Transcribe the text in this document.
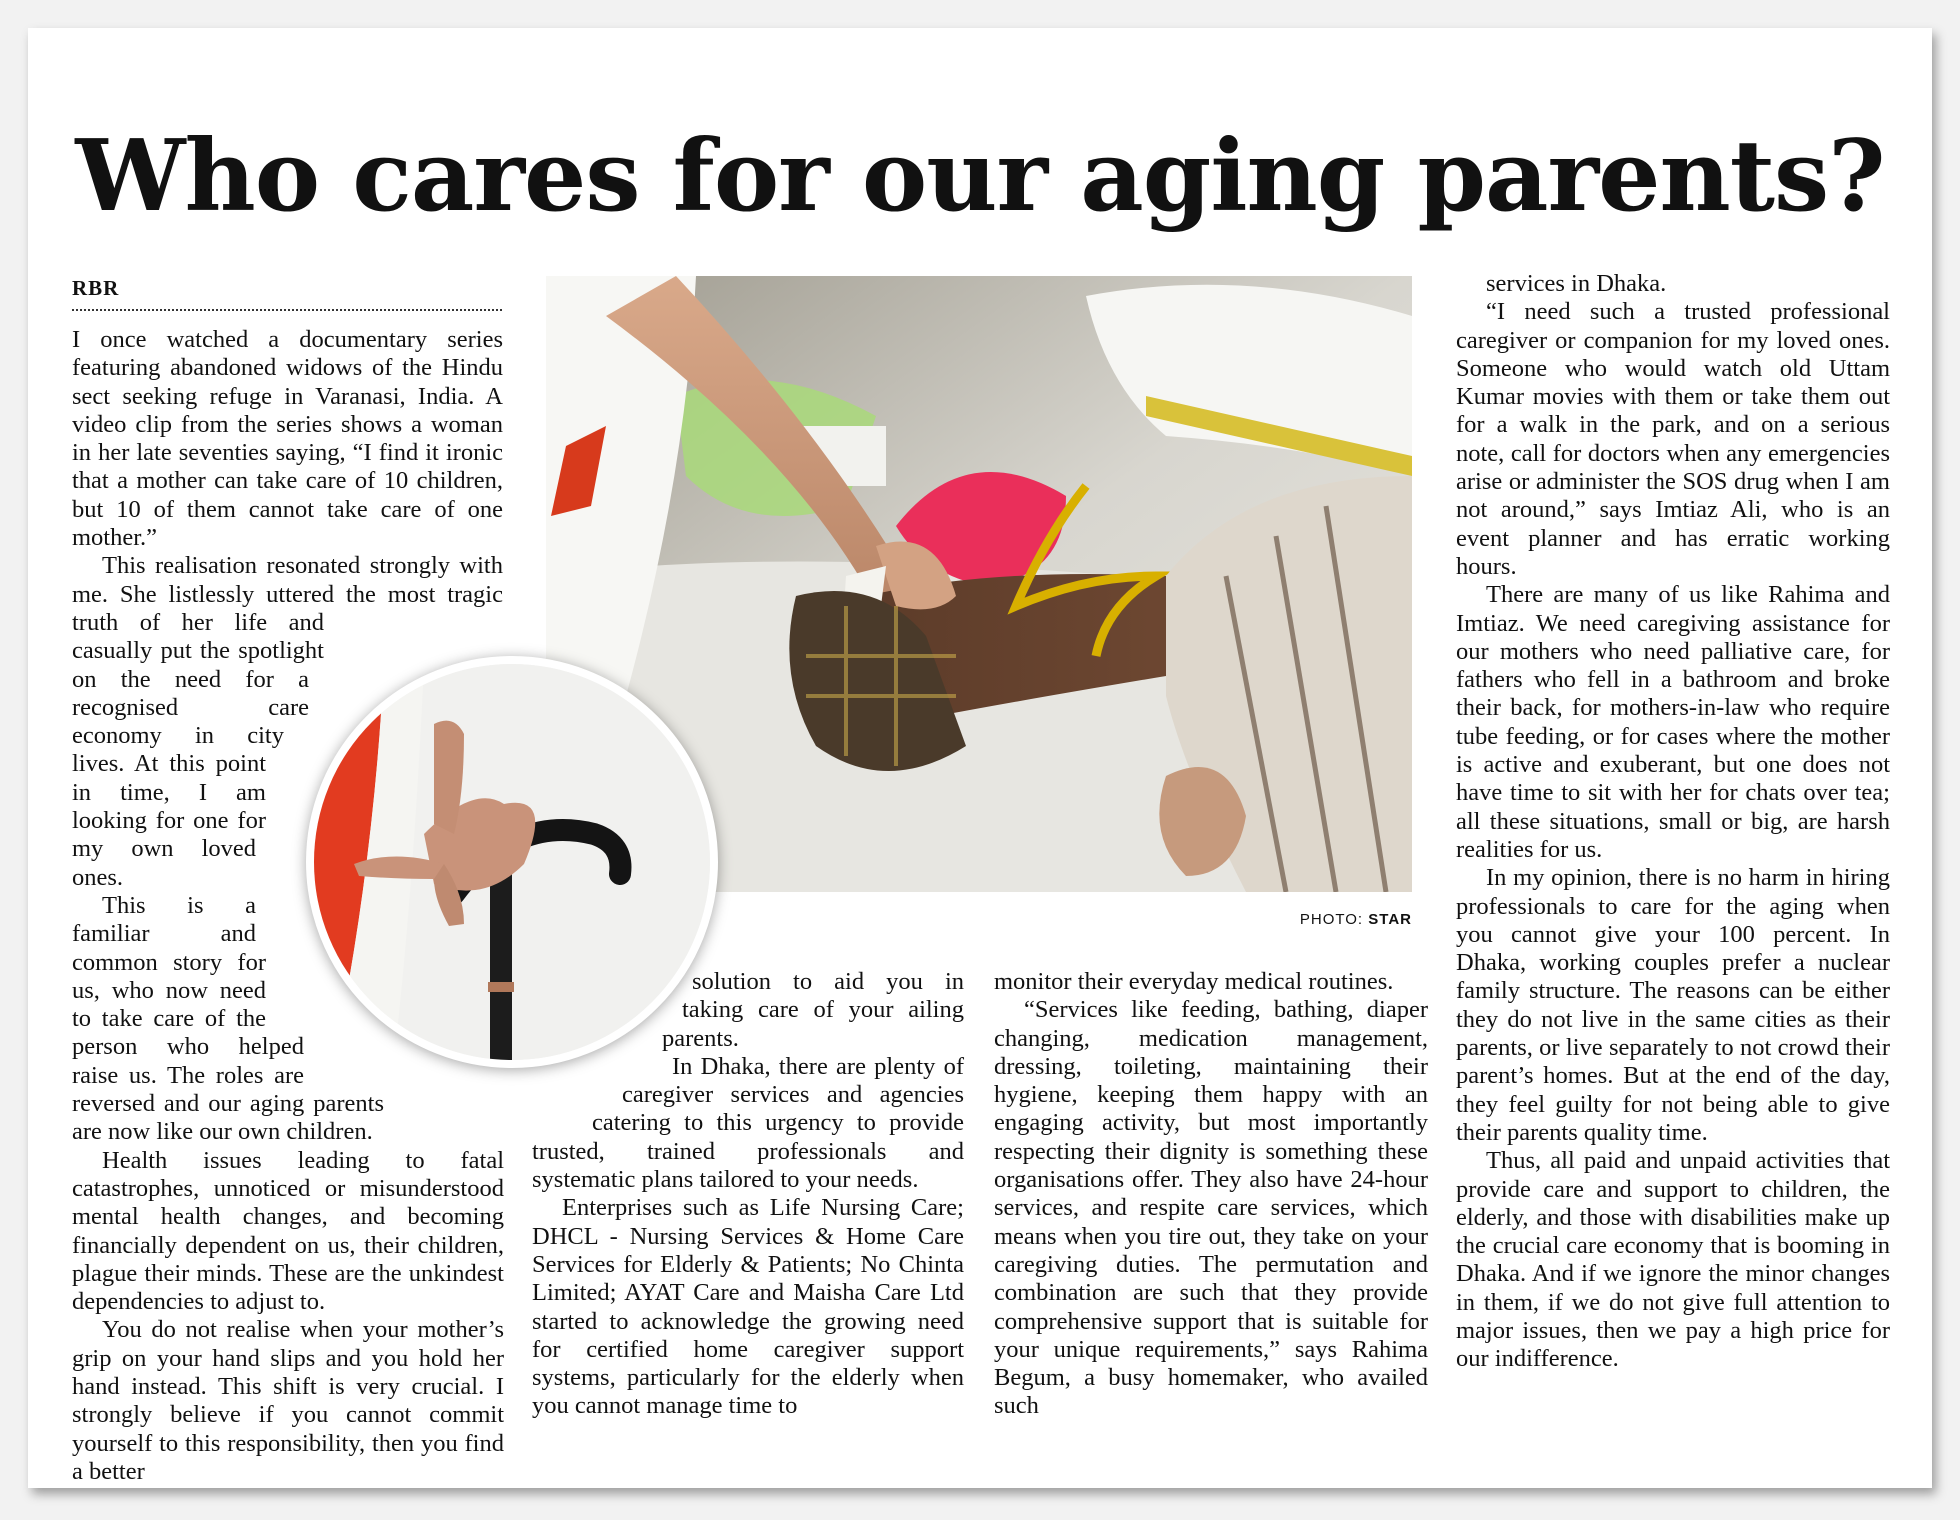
Who cares for our aging parents?
RBR
PHOTO: STAR

I once watched a documentary series featuring abandoned widows of the Hindu sect seeking refuge in Varanasi, India. A video clip from the series shows a woman in her late seventies saying, “I find it ironic that a mother can take care of 10 children, but 10 of them cannot take care of one mother.”

This realisation resonated strongly with me. She listlessly uttered the most tragic truth of her life and casually put the spotlight on the need for a recognised care economy in city lives. At this point in time, I am looking for one for my own loved ones.

This is a familiar and common story for us, who now need to take care of the person who helped raise us. The roles are reversed and our aging parents are now like our own children.

Health issues leading to fatal catastrophes, unnoticed or misunderstood mental health changes, and becoming financially dependent on us, their children, plague their minds. These are the unkindest dependencies to adjust to.

You do not realise when your mother’s grip on your hand slips and you hold her hand instead. This shift is very crucial. I strongly believe if you cannot commit yourself to this responsibility, then you find a better

solution to aid you in taking care of your ailing parents.

In Dhaka, there are plenty of caregiver services and agencies catering to this urgency to provide trusted, trained professionals and systematic plans tailored to your needs.

Enterprises such as Life Nursing Care; DHCL - Nursing Services & Home Care Services for Elderly & Patients; No Chinta Limited; AYAT Care and Maisha Care Ltd started to acknowledge the growing need for certified home caregiver support systems, particularly for the elderly when you cannot manage time to

monitor their everyday medical routines.

“Services like feeding, bathing, diaper changing, medication management, dressing, toileting, maintaining their hygiene, keeping them happy with an engaging activity, but most importantly respecting their dignity is something these organisations offer. They also have 24-hour services, and respite care services, which means when you tire out, they take on your caregiving duties. The permutation and combination are such that they provide comprehensive support that is suitable for your unique requirements,” says Rahima Begum, a busy homemaker, who availed such

services in Dhaka.

“I need such a trusted professional caregiver or companion for my loved ones. Someone who would watch old Uttam Kumar movies with them or take them out for a walk in the park, and on a serious note, call for doctors when any emergencies arise or administer the SOS drug when I am not around,” says Imtiaz Ali, who is an event planner and has erratic working hours.

There are many of us like Rahima and Imtiaz. We need caregiving assistance for our mothers who need palliative care, for fathers who fell in a bathroom and broke their back, for mothers-in-law who require tube feeding, or for cases where the mother is active and exuberant, but one does not have time to sit with her for chats over tea; all these situations, small or big, are harsh realities for us.

In my opinion, there is no harm in hiring professionals to care for the aging when you cannot give your 100 percent. In Dhaka, working couples prefer a nuclear family structure. The reasons can be either they do not live in the same cities as their parents, or live separately to not crowd their parent’s homes. But at the end of the day, they feel guilty for not being able to give their parents quality time.

Thus, all paid and unpaid activities that provide care and support to children, the elderly, and those with disabilities make up the crucial care economy that is booming in Dhaka. And if we ignore the minor changes in them, if we do not give full attention to major issues, then we pay a high price for our indifference.
